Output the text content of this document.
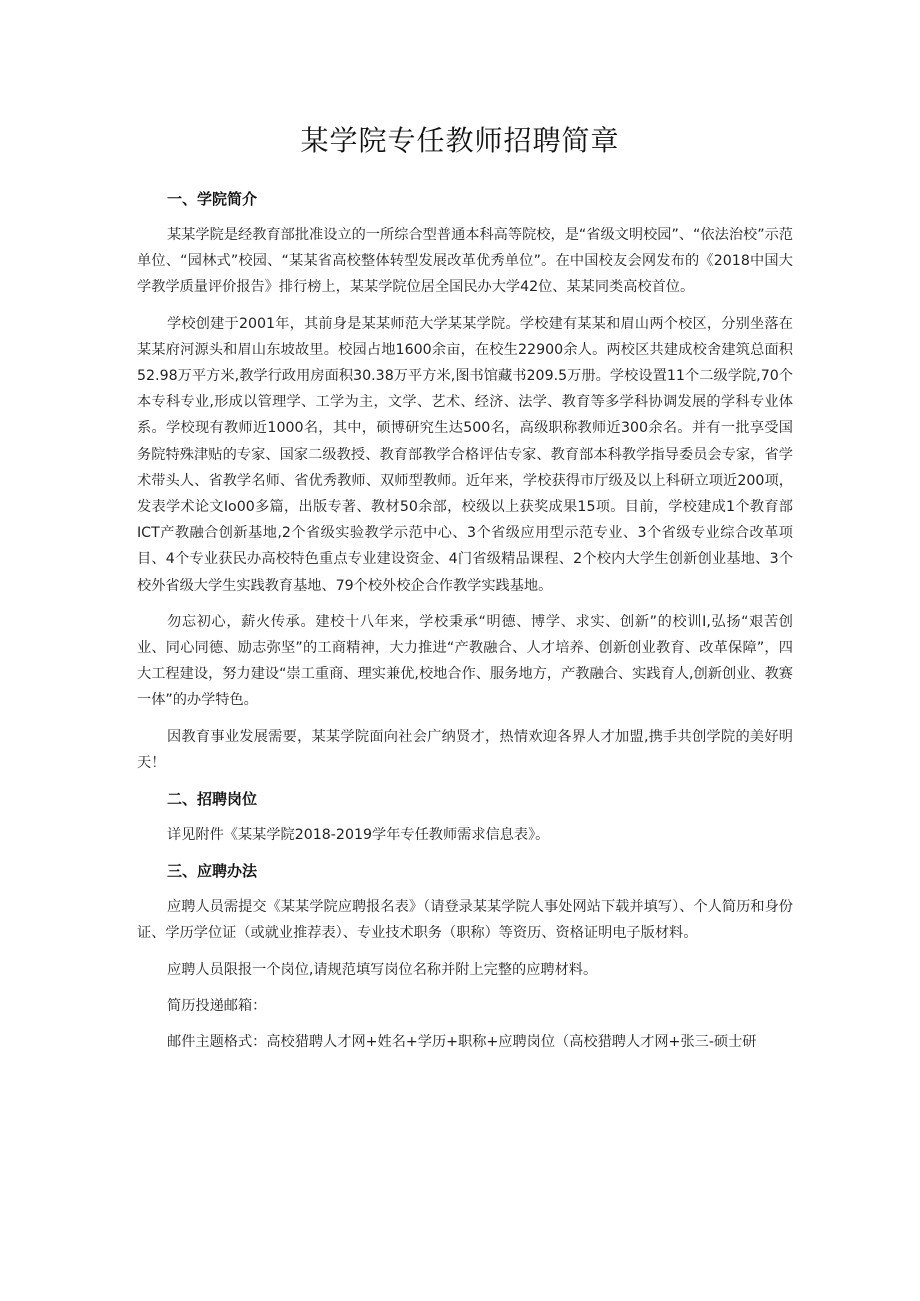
某学院专任教师招聘简章
一、学院简介

某某学院是经教育部批准设立的一所综合型普通本科高等院校，是“省级文明校园”、“依法治校”示范单位、“园林式”校园、“某某省高校整体转型发展改革优秀单位”。在中国校友会网发布的《2018中国大学教学质量评价报告》排行榜上，某某学院位居全国民办大学42位、某某同类高校首位。

学校创建于2001年，其前身是某某师范大学某某学院。学校建有某某和眉山两个校区，分别坐落在某某府河源头和眉山东坡故里。校园占地1600余亩，在校生22900余人。两校区共建成校舍建筑总面积52.98万平方米,教学行政用房面积30.38万平方米,图书馆藏书209.5万册。学校设置11个二级学院,70个本专科专业,形成以管理学、工学为主，文学、艺术、经济、法学、教育等多学科协调发展的学科专业体系。学校现有教师近1000名，其中，硕博研究生达500名，高级职称教师近300余名。并有一批享受国务院特殊津贴的专家、国家二级教授、教育部教学合格评估专家、教育部本科教学指导委员会专家，省学术带头人、省教学名师、省优秀教师、双师型教师。近年来，学校获得市厅级及以上科研立项近200项，发表学术论文Io00多篇，出版专著、教材50余部，校级以上获奖成果15项。目前，学校建成1个教育部ICT产教融合创新基地,2个省级实验教学示范中心、3个省级应用型示范专业、3个省级专业综合改革项目、4个专业获民办高校特色重点专业建设资金、4门省级精品课程、2个校内大学生创新创业基地、3个校外省级大学生实践教育基地、79个校外校企合作教学实践基地。

勿忘初心，薪火传承。建校十八年来，学校秉承“明德、博学、求实、创新”的校训I,弘扬“艰苦创业、同心同德、励志弥坚”的工商精神，大力推进“产教融合、人才培养、创新创业教育、改革保障”，四大工程建设，努力建设“崇工重商、理实兼优,校地合作、服务地方，产教融合、实践育人,创新创业、教赛一体”的办学特色。

因教育事业发展需要，某某学院面向社会广纳贤才，热情欢迎各界人才加盟,携手共创学院的美好明天！

二、招聘岗位

详见附件《某某学院2018-2019学年专任教师需求信息表》。

三、应聘办法

应聘人员需提交《某某学院应聘报名表》（请登录某某学院人事处网站下载并填写）、个人简历和身份证、学历学位证（或就业推荐表）、专业技术职务（职称）等资历、资格证明电子版材料。

应聘人员限报一个岗位,请规范填写岗位名称并附上完整的应聘材料。

简历投递邮箱：

邮件主题格式：高校猎聘人才网+姓名+学历+职称+应聘岗位（高校猎聘人才网+张三-硕士研
